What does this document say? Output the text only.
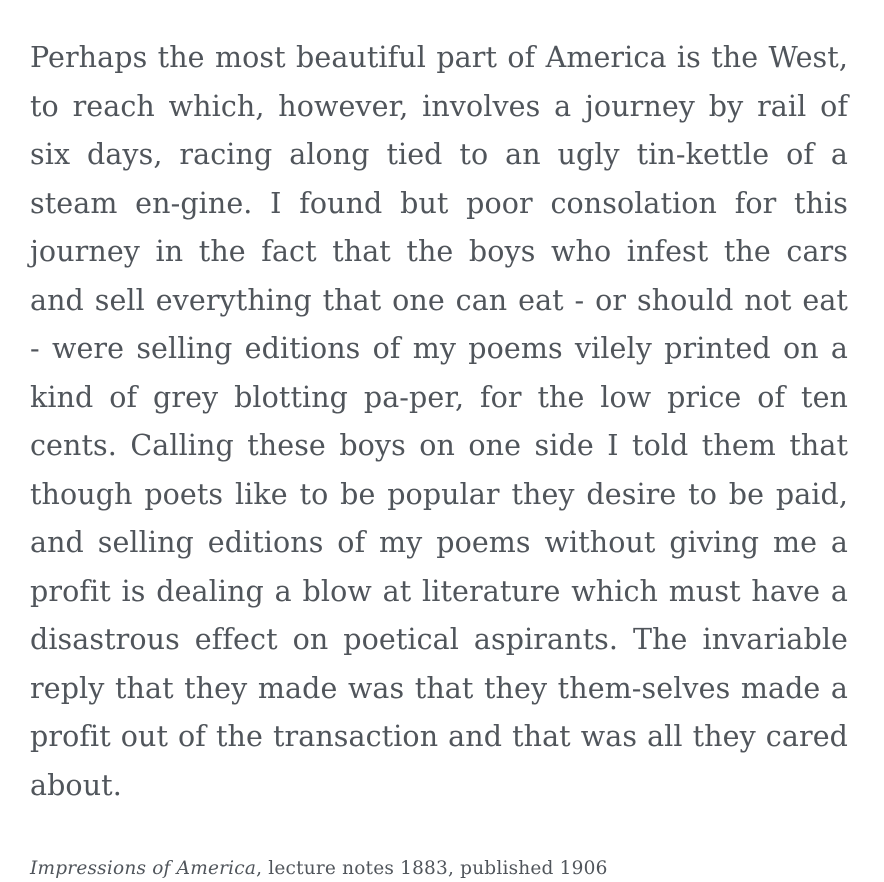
Perhaps the most beautiful part of America is the West, to reach which, however, involves a journey by rail of six days, racing along tied to an ugly tin-kettle of a steam en-gine. I found but poor consolation for this journey in the fact that the boys who infest the cars and sell everything that one can eat - or should not eat - were selling editions of my poems vilely printed on a kind of grey blotting pa-per, for the low price of ten cents. Calling these boys on one side I told them that though poets like to be popular they desire to be paid, and selling editions of my poems without giving me a profit is dealing a blow at literature which must have a disastrous effect on poetical aspirants. The invariable reply that they made was that they them-selves made a profit out of the transaction and that was all they cared about.

Impressions of America, lecture notes 1883, published 1906
